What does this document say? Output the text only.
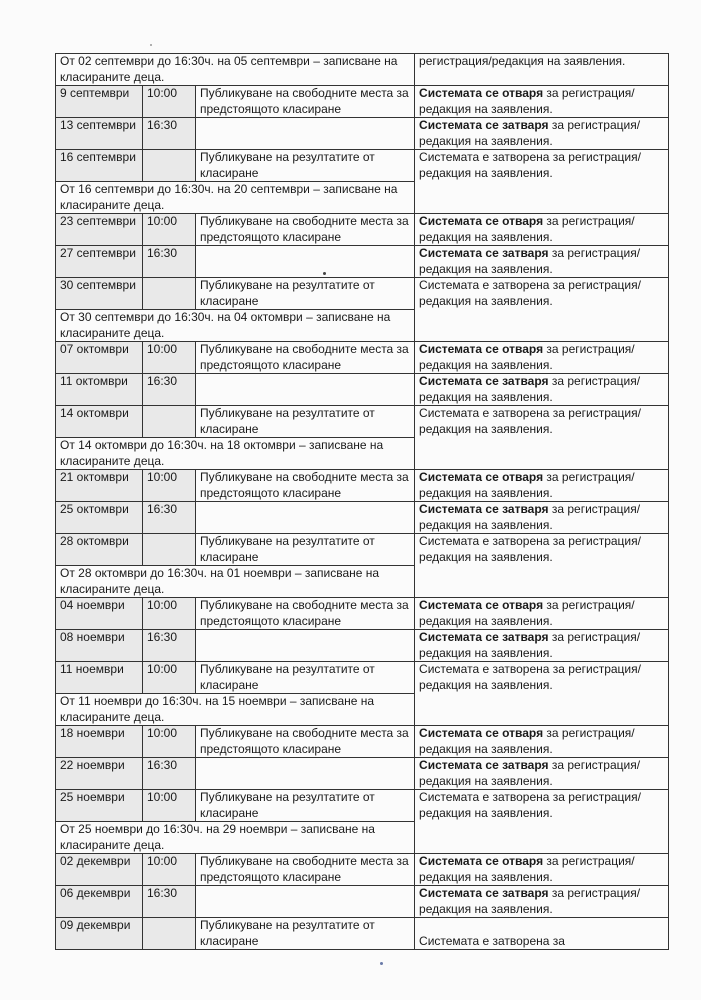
От 02 септември до 16:30ч. на 05 септември – записване на класираните деца.			регистрация/редакция на заявления.
9 септември	10:00	Публикуване на свободните места за предстоящото класиране	Системата се отваря за регистрация/редакция на заявления.
13 септември	16:30		Системата се затваря за регистрация/редакция на заявления.
16 септември		Публикуване на резултатите от класиране	Системата е затворена за регистрация/редакция на заявления.
От 16 септември до 16:30ч. на 20 септември – записване на класираните деца.			
23 септември	10:00	Публикуване на свободните места за предстоящото класиране	Системата се отваря за регистрация/редакция на заявления.
27 септември	16:30		Системата се затваря за регистрация/редакция на заявления.
30 септември		Публикуване на резултатите от класиране	Системата е затворена за регистрация/редакция на заявления.
От 30 септември до 16:30ч. на 04 октомври – записване на класираните деца.			
07 октомври	10:00	Публикуване на свободните места за предстоящото класиране	Системата се отваря за регистрация/редакция на заявления.
11 октомври	16:30		Системата се затваря за регистрация/редакция на заявления.
14 октомври		Публикуване на резултатите от класиране	Системата е затворена за регистрация/редакция на заявления.
От 14 октомври до 16:30ч. на 18 октомври – записване на класираните деца.			
21 октомври	10:00	Публикуване на свободните места за предстоящото класиране	Системата се отваря за регистрация/редакция на заявления.
25 октомври	16:30		Системата се затваря за регистрация/редакция на заявления.
28 октомври		Публикуване на резултатите от класиране	Системата е затворена за регистрация/редакция на заявления.
От 28 октомври до 16:30ч. на 01 ноември – записване на класираните деца.			
04 ноември	10:00	Публикуване на свободните места за предстоящото класиране	Системата се отваря за регистрация/редакция на заявления.
08 ноември	16:30		Системата се затваря за регистрация/редакция на заявления.
11 ноември	10:00	Публикуване на резултатите от класиране	Системата е затворена за регистрация/редакция на заявления.
От 11 ноември до 16:30ч. на 15 ноември – записване на класираните деца.			
18 ноември	10:00	Публикуване на свободните места за предстоящото класиране	Системата се отваря за регистрация/редакция на заявления.
22 ноември	16:30		Системата се затваря за регистрация/редакция на заявления.
25 ноември	10:00	Публикуване на резултатите от класиране	Системата е затворена за регистрация/редакция на заявления.
От 25 ноември до 16:30ч. на 29 ноември – записване на класираните деца.			
02 декември	10:00	Публикуване на свободните места за предстоящото класиране	Системата се отваря за регистрация/редакция на заявления.
06 декември	16:30		Системата се затваря за регистрация/редакция на заявления.
09 декември		Публикуване на резултатите от класиране	Системата е затворена за
